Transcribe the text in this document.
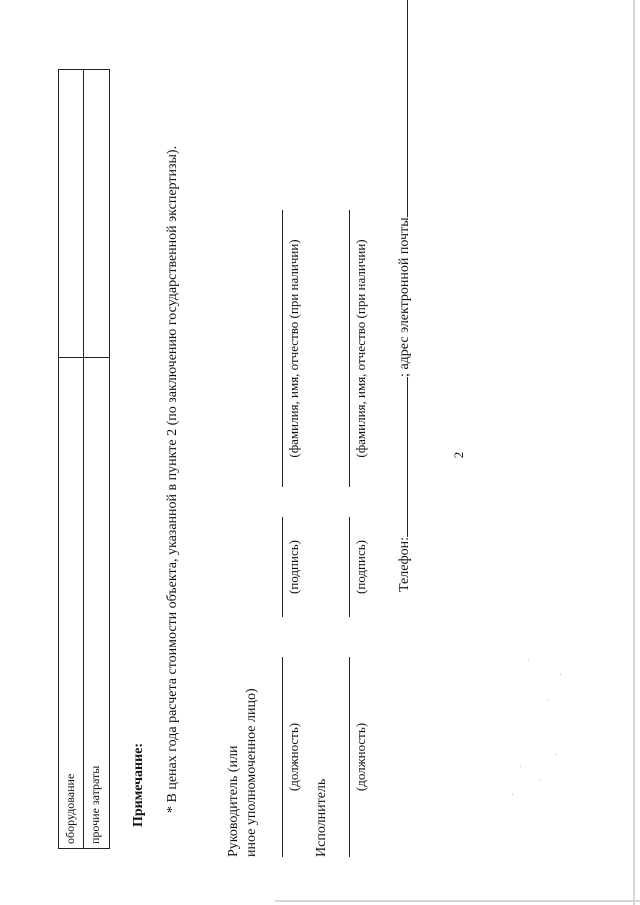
2
оборудование прочие затраты Примечание: * В ценах года расчета стоимости объекта, указанной в пункте 2 (по заключению государственной экспертизы).	Руководитель (или иное уполномоченное лицо) (должность)
(подпись)
(фамилия, имя, отчество (при наличии)
Исполнитель
(должность)
(подпись)
(фамилия, имя, отчество (при наличии)
Телефон:; адрес электронной почты
